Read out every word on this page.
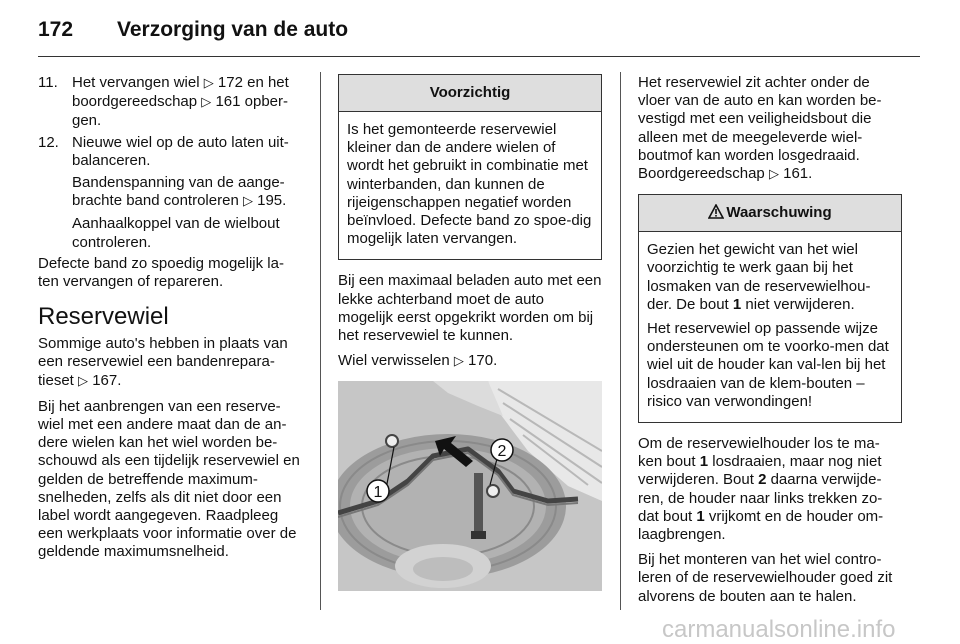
172 Verzorging van de auto
11. Het vervangen wiel ▷ 172 en het boordgereedschap ▷ 161 opber-gen.
12. Nieuwe wiel op de auto laten uit-balanceren.
Bandenspanning van de aange-brachte band controleren ▷ 195.
Aanhaalkoppel van de wielbout controleren.

Defecte band zo spoedig mogelijk la-ten vervangen of repareren.

Reservewiel

Sommige auto's hebben in plaats van een reservewiel een bandenrepara-tieset ▷ 167.

Bij het aanbrengen van een reserve-wiel met een andere maat dan de an-dere wielen kan het wiel worden be-schouwd als een tijdelijk reservewiel en gelden de betreffende maximum-snelheden, zelfs als dit niet door een label wordt aangegeven. Raadpleeg een werkplaats voor informatie over de geldende maximumsnelheid.

Voorzichtig

Is het gemonteerde reservewiel kleiner dan de andere wielen of wordt het gebruikt in combinatie met winterbanden, dan kunnen de rijeigenschappen negatief worden beïnvloed. Defecte band zo spoe-dig mogelijk laten vervangen.

Bij een maximaal beladen auto met een lekke achterband moet de auto mogelijk eerst opgekrikt worden om bij het reservewiel te kunnen.

Wiel verwisselen ▷ 170.

1
2

Het reservewiel zit achter onder de vloer van de auto en kan worden be-vestigd met een veiligheidsbout die alleen met de meegeleverde wiel-boutmof kan worden losgedraaid. Boordgereedschap ▷ 161.

Waarschuwing

Gezien het gewicht van het wiel voorzichtig te werk gaan bij het losmaken van de reservewielhou-der. De bout 1 niet verwijderen.

Het reservewiel op passende wijze ondersteunen om te voorko-men dat wiel uit de houder kan val-len bij het losdraaien van de klem-bouten – risico van verwondingen!

Om de reservewielhouder los te ma-ken bout 1 losdraaien, maar nog niet verwijderen. Bout 2 daarna verwijde-ren, de houder naar links trekken zo-dat bout 1 vrijkomt en de houder om-laagbrengen.

Bij het monteren van het wiel contro-leren of de reservewielhouder goed zit alvorens de bouten aan te halen.

carmanualsonline.info
